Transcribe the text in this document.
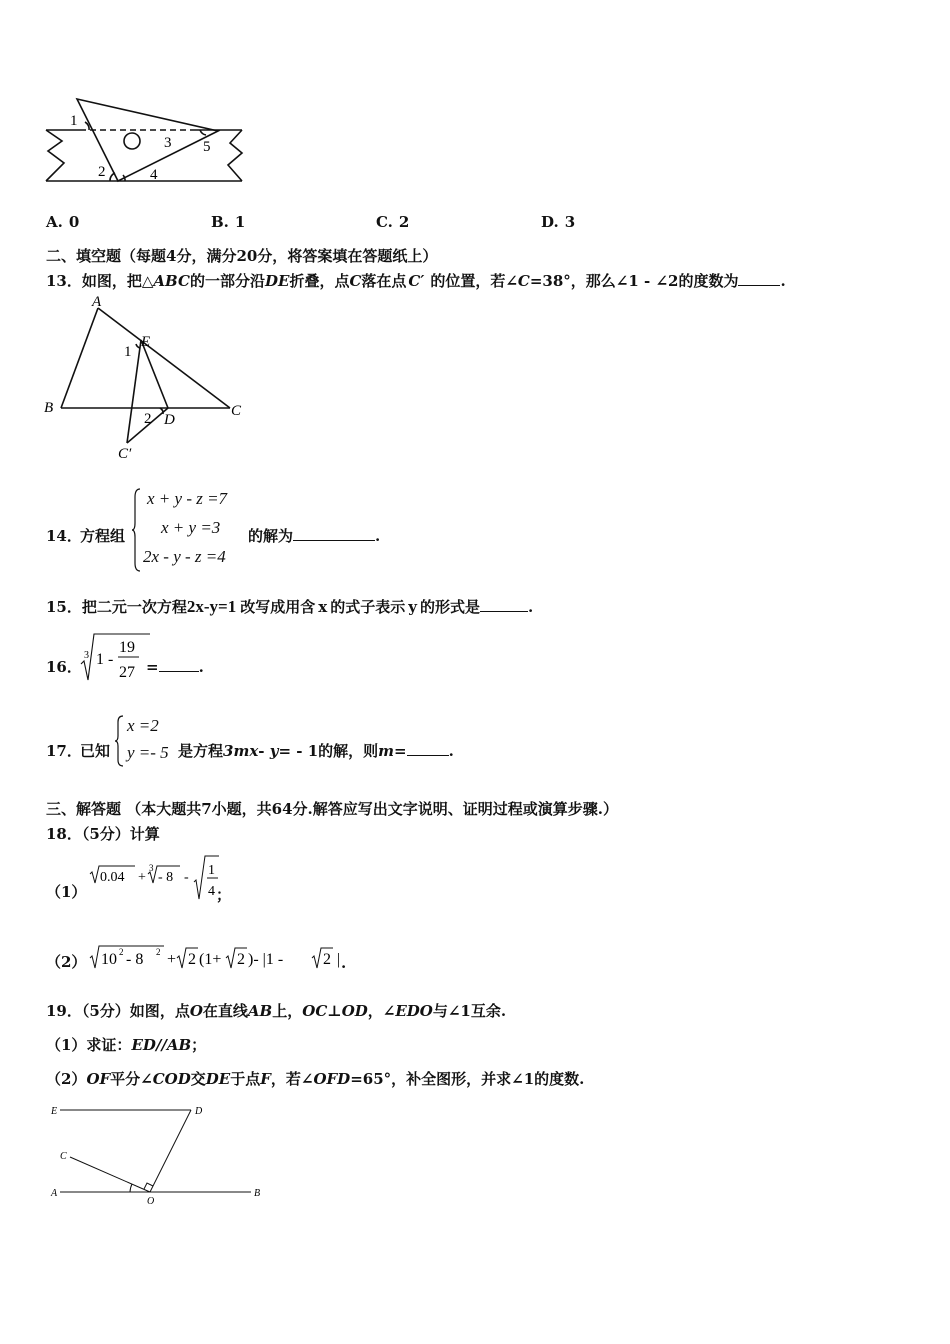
1
2
3
4
5
A. 0	B. 1	C. 2	D. 3
二、填空题（每题4分，满分20分，将答案填在答题纸上）
13．如图，把△ABC的一部分沿DE折叠，点C落在点 C′ 的位置，若∠C=38°，那么∠1 - ∠2的度数为	.
A
B	C
E
1
2 D
C′
14．
方程组
x + y - z =7
x + y =3
2x - y - z =4
的解为	.
15．把二元一次方程2x-y=1 改写成用含 x 的式子表示 y 的形式是	.
16．
3 1 -
19
27 =	.
17．
已知
x =2
y =- 5 是方程3mx- y= - 1的解，则m=	.
三、解答题 （本大题共7小题，共64分.解答应写出文字说明、证明过程或演算步骤.）
18．（5分）计算
（1）
0.04 +
3
- 8 - 1
4 ；
（2） 10 2 - 8 2 + 2 (1+ 2 )- |1 - 2 | .
19．（5分）如图，点O在直线AB上，OC⊥OD，∠EDO与∠1互余.
（1）求证：ED//AB；
（2）OF平分∠COD交DE于点F，若∠OFD=65°，补全图形，并求∠1的度数.
E	D
C
A	B
O
